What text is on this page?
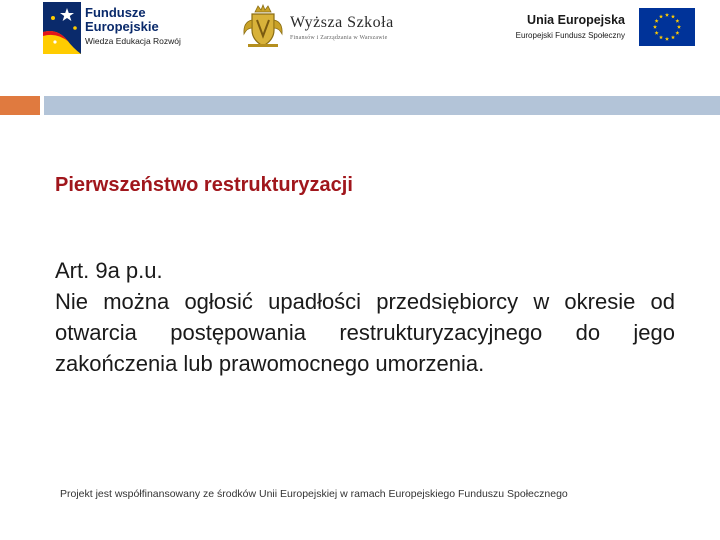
Fundusze
Europejskie
Wiedza Edukacja Rozwój
Wyższa Szkoła
Finansów i Zarządzania w Warszawie
Unia Europejska
Europejski Fundusz Społeczny
Pierwszeństwo restrukturyzacji

Art. 9a p.u.

Nie można ogłosić upadłości przedsiębiorcy w okresie od otwarcia postępowania restrukturyzacyjnego do jego zakończenia lub prawomocnego umorzenia.

Projekt jest współfinansowany ze środków Unii Europejskiej w ramach Europejskiego Funduszu Społecznego
